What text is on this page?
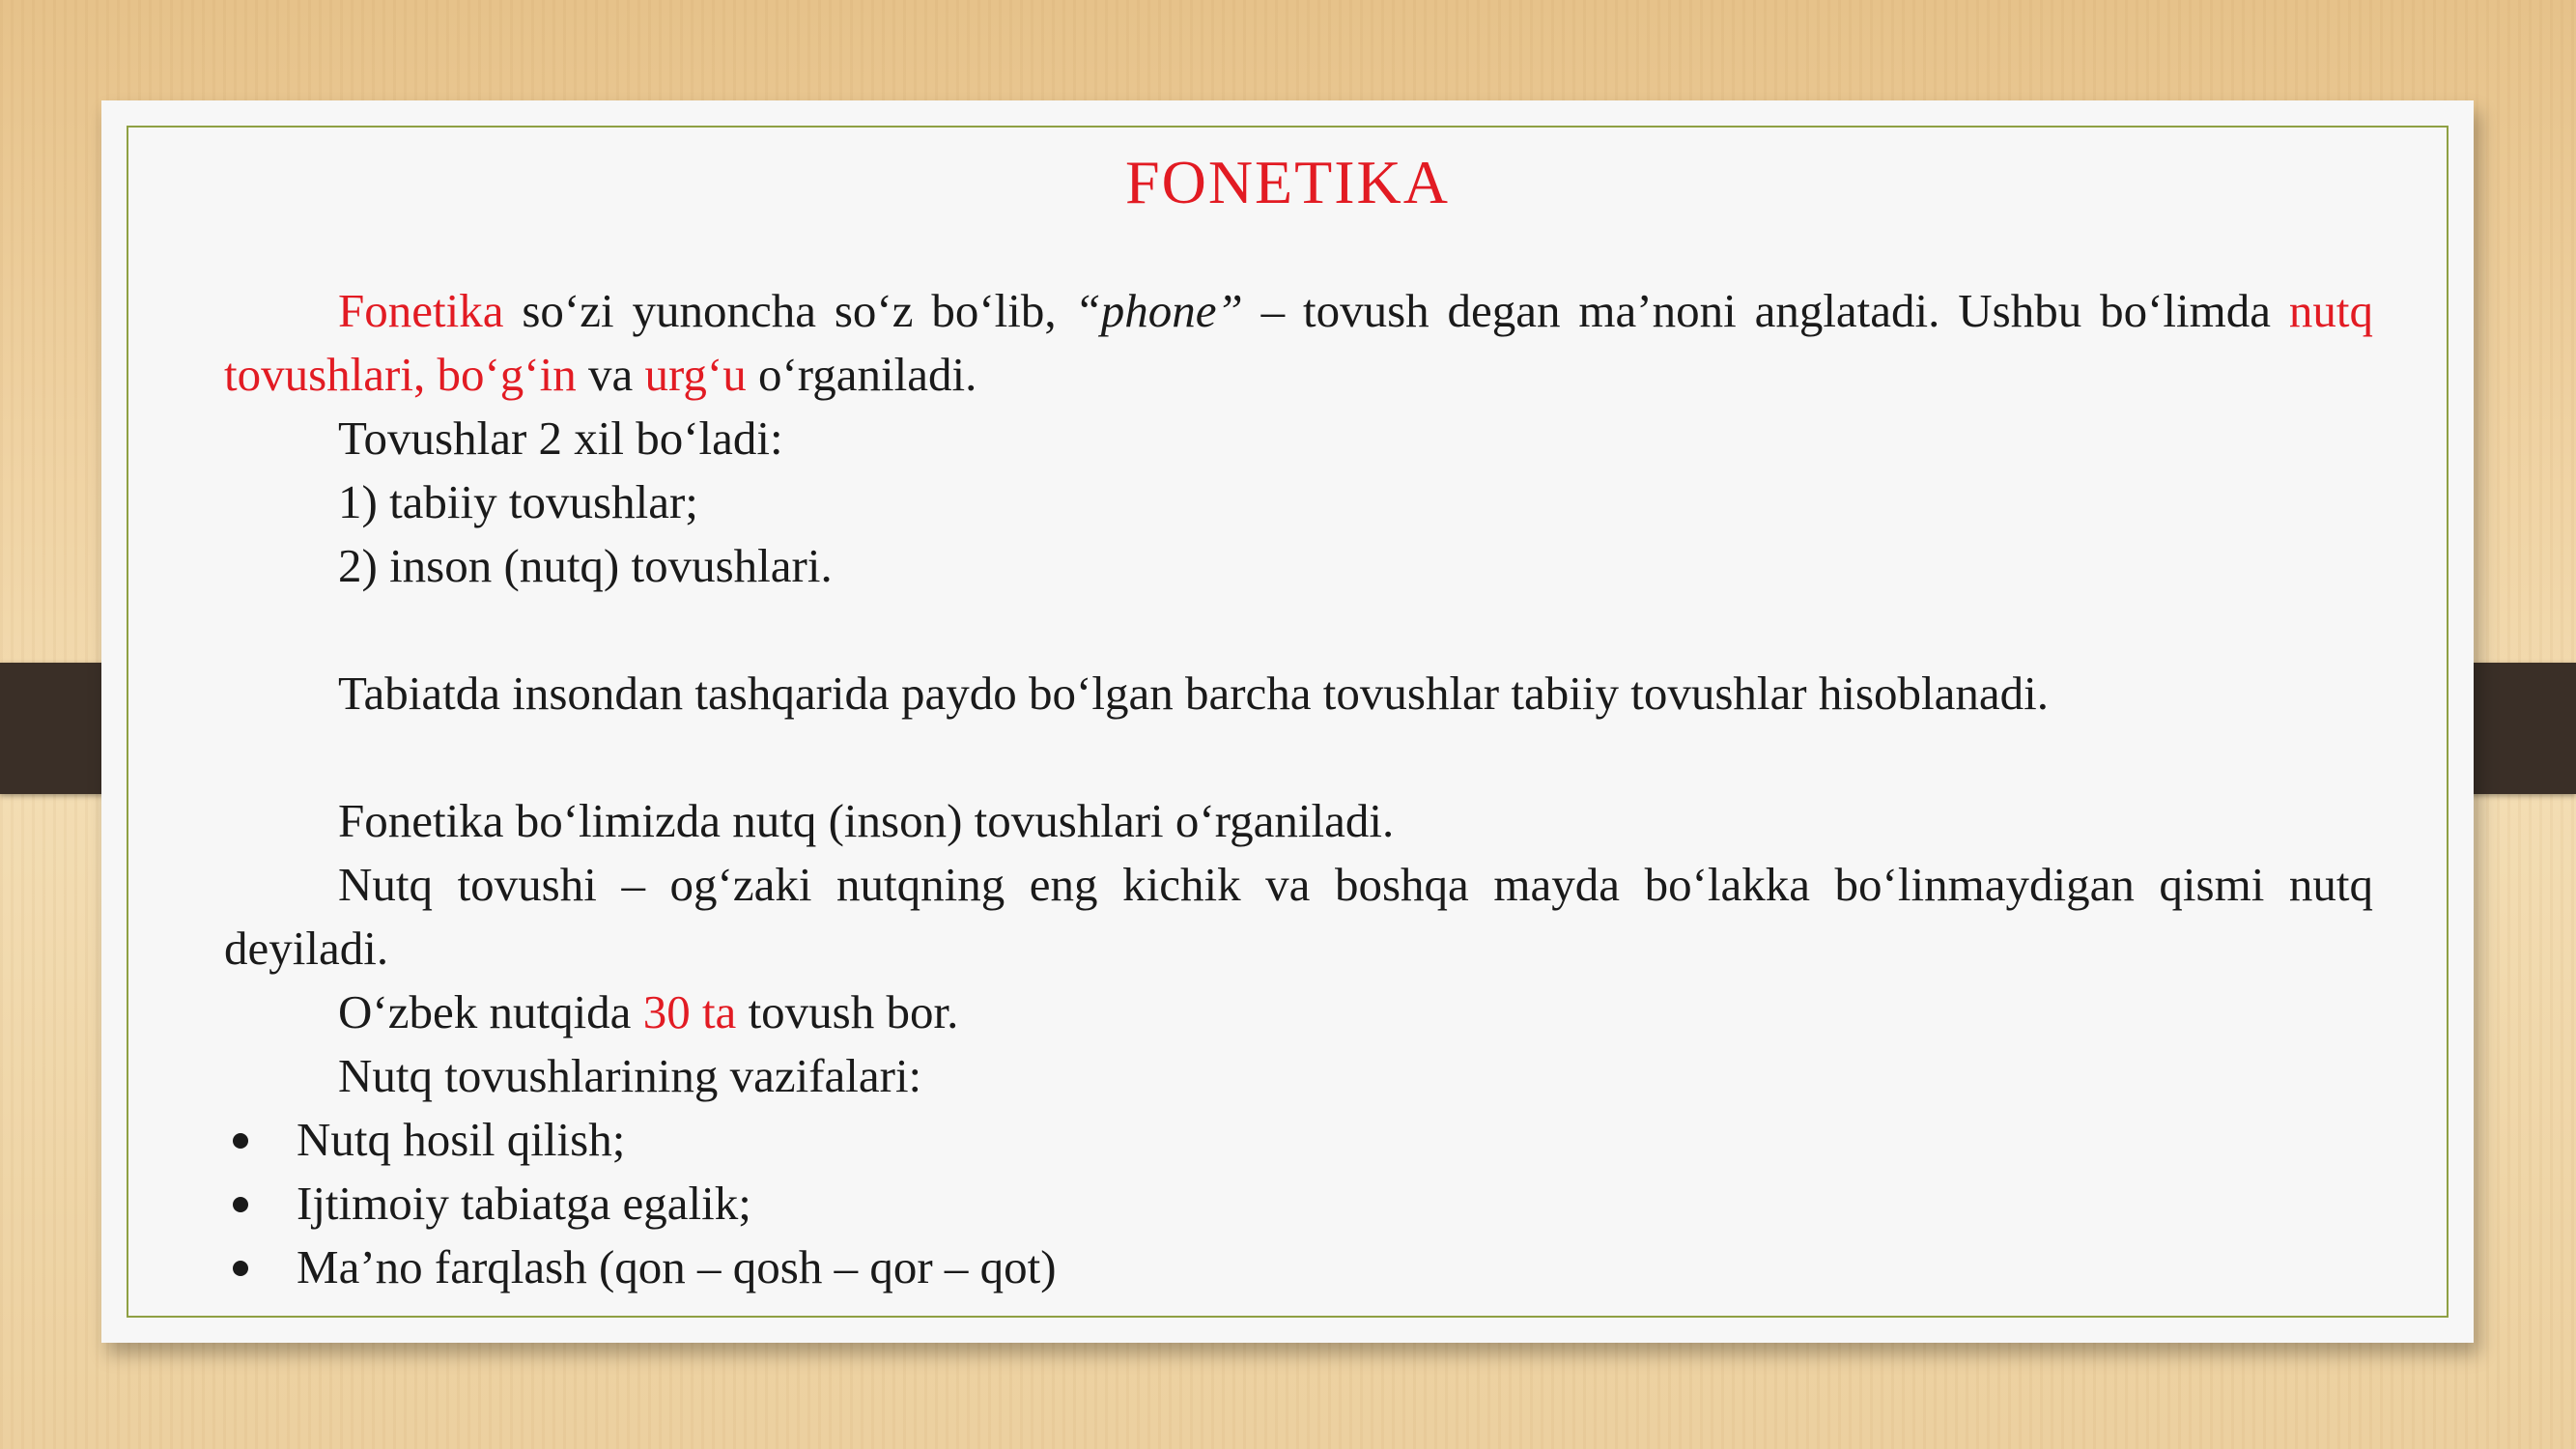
FONETIKA

Fonetika so‘zi yunoncha so‘z bo‘lib, “phone” – tovush degan ma’noni anglatadi. Ushbu bo‘limda nutq tovushlari, bo‘g‘in va urg‘u o‘rganiladi.

Tovushlar 2 xil bo‘ladi:

1) tabiiy tovushlar;

2) inson (nutq) tovushlari.

Tabiatda insondan tashqarida paydo bo‘lgan barcha tovushlar tabiiy tovushlar hisoblanadi.

Fonetika bo‘limizda nutq (inson) tovushlari o‘rganiladi.

Nutq tovushi – og‘zaki nutqning eng kichik va boshqa mayda bo‘lakka bo‘linmaydigan qismi nutq deyiladi.

O‘zbek nutqida 30 ta tovush bor.

Nutq tovushlarining vazifalari:

Nutq hosil qilish;
Ijtimoiy tabiatga egalik;
Ma’no farqlash (qon – qosh – qor – qot)
